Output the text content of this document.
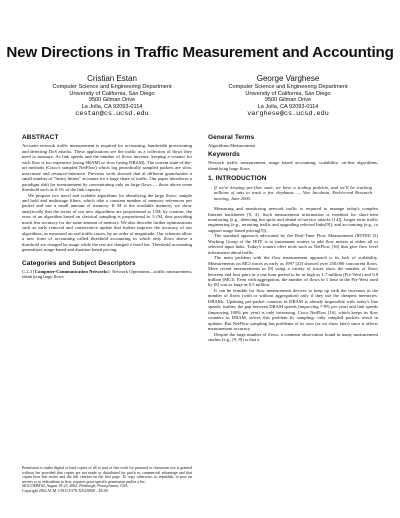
New Directions in Traffic Measurement and Accounting
Cristian Estan
Computer Science and Engineering Department
University of California, San Diego
9500 Gilman Drive
La Jolla, CA 92093-0114
cestan@cs.ucsd.edu
George Varghese
Computer Science and Engineering Department
University of California, San Diego
9500 Gilman Drive
La Jolla, CA 92093-0114
varghese@cs.ucsd.edu
ABSTRACT

Accurate network traffic measurement is required for accounting, bandwidth provisioning and detecting DoS attacks. These applications see the traffic as a collection of flows they need to measure. As link speeds and the number of flows increase, keeping a counter for each flow is too expensive (using SRAM) or slow (using DRAM). The current state-of-the-art methods (Cisco's sampled NetFlow) which log periodically sampled packets are slow, inaccurate and resource-intensive. Previous work showed that at different granularities a small number of "heavy hitters" accounts for a large share of traffic. Our paper introduces a paradigm shift for measurement by concentrating only on large flows — those above some threshold such as 0.1% of the link capacity.

We propose two novel and scalable algorithms for identifying the large flows: sample and hold and multistage filters, which take a constant number of memory references per packet and use a small amount of memory. If M is the available memory, we show analytically that the errors of our new algorithms are proportional to 1/M; by contrast, the error of an algorithm based on classical sampling is proportional to 1/√M, thus providing much less accuracy for the same amount of memory. We also describe further optimizations such as early removal and conservative update that further improve the accuracy of our algorithms, as measured on real traffic traces, by an order of magnitude. Our schemes allow a new form of accounting called threshold accounting in which only flows above a threshold are charged by usage while the rest are charged a fixed fee. Threshold accounting generalizes usage-based and duration based pricing.

Categories and Subject Descriptors

C.2.3 [Computer-Communication Networks]: Network Operations—traffic measurement, identifying large flows

Permission to make digital or hard copies of all or part of this work for personal or classroom use is granted without fee provided that copies are not made or distributed for profit or commercial advantage and that copies bear this notice and the full citation on the first page. To copy otherwise, to republish, to post on servers or to redistribute to lists, requires prior specific permission and/or a fee.

SIGCOMM'02, August 19-23, 2002, Pittsburgh, Pennsylvania, USA.

Copyright 2002 ACM 1-58113-570-X/02/0008 ...$5.00.

General Terms

Algorithms,Measurement

Keywords

Network traffic measurement, usage based accounting, scalability, on-line algorithms, identifying large flows

1. INTRODUCTION

If we're keeping per-flow state, we have a scaling problem, and we'll be tracking millions of ants to track a few elephants. — Van Jacobson, End-to-end Research meeting, June 2000.

Measuring and monitoring network traffic is required to manage today's complex Internet backbones [9, 4]. Such measurement information is essential for short-term monitoring (e.g., detecting hot spots and denial-of-service attacks [14]), longer term traffic engineering (e.g., rerouting traffic and upgrading selected links[9]), and accounting (e.g., to support usage based pricing[5]).

The standard approach advocated by the Real-Time Flow Measurement (RTFM) [3] Working Group of the IETF is to instrument routers to add flow meters at either all or selected input links. Today's routers offer tools such as NetFlow [16] that give flow level information about traffic.

The main problem with the flow measurement approach is its lack of scalability. Measurements on MCI traces as early as 1997 [22] showed over 250,000 concurrent flows. More recent measurements in [8] using a variety of traces show the number of flows between end host pairs in a one hour period to be as high as 1.7 million (Fix-West) and 0.8 million (MCI). Even with aggregation, the number of flows in 1 hour in the Fix-West used by [8] was as large as 0.5 million.

It can be feasible for flow measurement devices to keep up with the increases in the number of flows (with or without aggregation) only if they use the cheapest memories: DRAMs. Updating per-packet counters in DRAM is already impossible with today's line speeds; further, the gap between DRAM speeds (improving 7-9% per year) and link speeds (improving 100% per year) is only increasing. Cisco NetFlow [16], which keeps its flow counters in DRAM, solves this problem by sampling: only sampled packets result in updates. But NetFlow sampling has problems of its own (as we show later) since it affects measurement accuracy.

Despite the large number of flows, a common observation found in many measurement studies (e.g., [9, 8]) is that a
